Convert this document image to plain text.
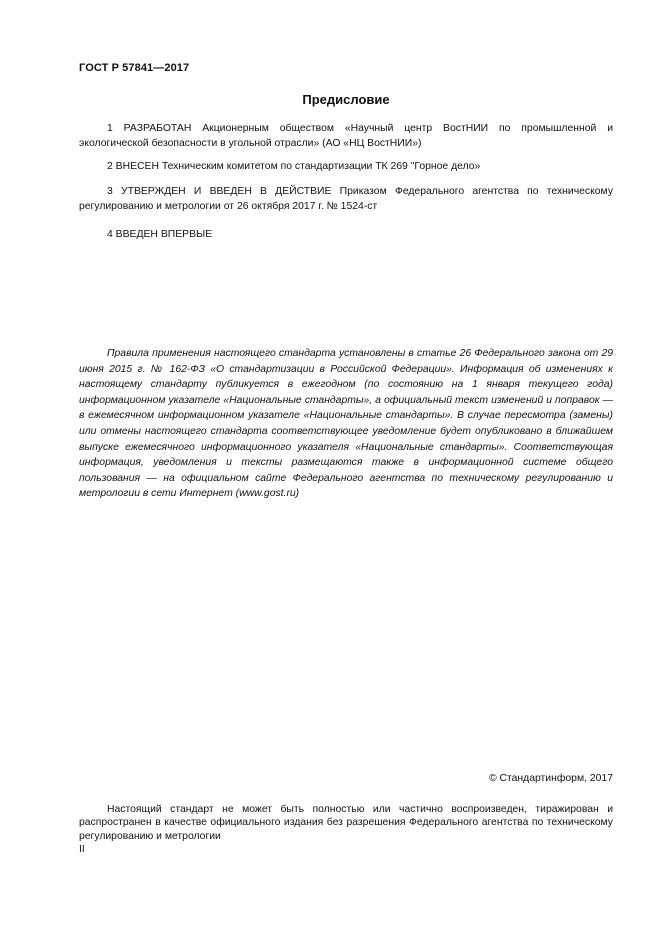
ГОСТ Р 57841—2017
Предисловие

1 РАЗРАБОТАН Акционерным обществом «Научный центр ВостНИИ по промышленной и экологической безопасности в угольной отрасли» (АО «НЦ ВостНИИ»)

2 ВНЕСЕН Техническим комитетом по стандартизации ТК 269 "Горное дело»

3 УТВЕРЖДЕН И ВВЕДЕН В ДЕЙСТВИЕ Приказом Федерального агентства по техническому регулированию и метрологии от 26 октября 2017 г. № 1524-ст

4 ВВЕДЕН ВПЕРВЫЕ

Правила применения настоящего стандарта установлены в статье 26 Федерального закона от 29 июня 2015 г. № 162-ФЗ «О стандартизации в Российской Федерации». Информация об изменениях к настоящему стандарту публикуется в ежегодном (по состоянию на 1 января текущего года) информационном указателе «Национальные стандарты», а официальный текст изменений и поправок — в ежемесячном информационном указателе «Национальные стандарты». В случае пересмотра (замены) или отмены настоящего стандарта соответствующее уведомление будет опубликовано в ближайшем выпуске ежемесячного информационного указателя «Национальные стандарты». Соответствующая информация, уведомления и тексты размещаются также в информационной системе общего пользования — на официальном сайте Федерального агентства по техническому регулированию и метрологии в сети Интернет (www.gost.ru)

© Стандартинформ, 2017

Настоящий стандарт не может быть полностью или частично воспроизведен, тиражирован и распространен в качестве официального издания без разрешения Федерального агентства по техническому регулированию и метрологии

II
